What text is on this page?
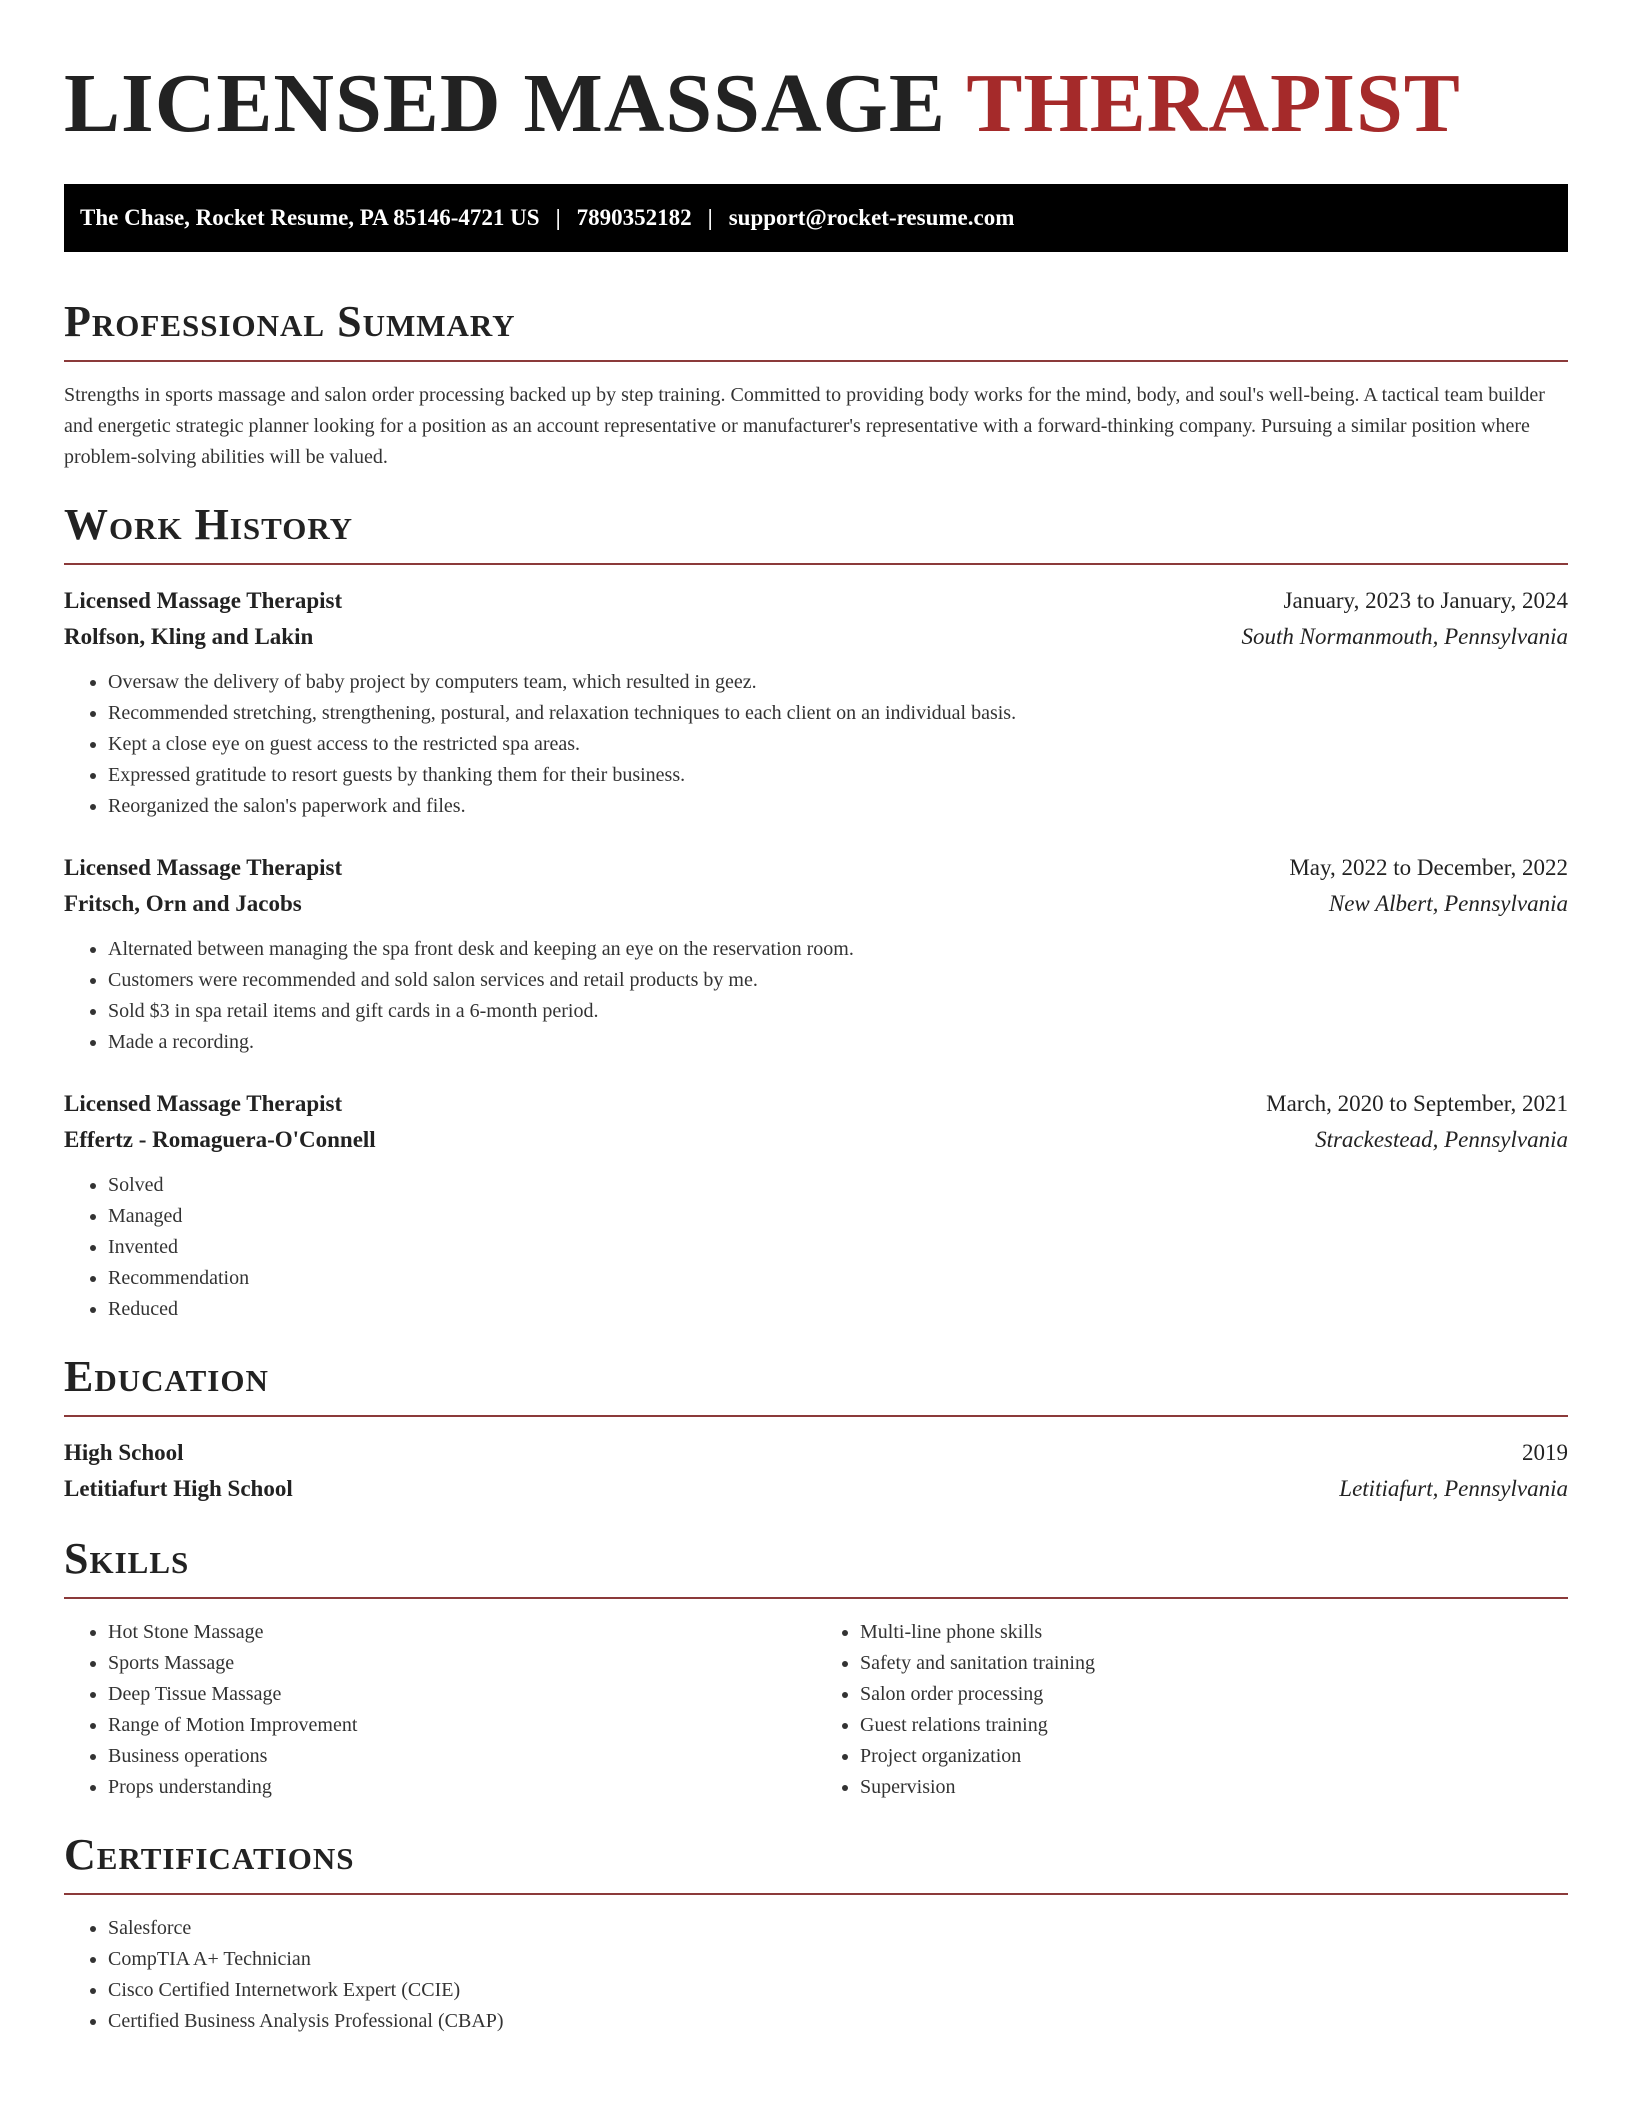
LICENSED MASSAGE THERAPIST
The Chase, Rocket Resume, PA 85146-4721 US | 7890352182 | support@rocket-resume.com
Professional Summary

Strengths in sports massage and salon order processing backed up by step training. Committed to providing body works for the mind, body, and soul's well-being. A tactical team builder and energetic strategic planner looking for a position as an account representative or manufacturer's representative with a forward-thinking company. Pursuing a similar position where problem-solving abilities will be valued.

Work History
Licensed Massage Therapist	January, 2023 to January, 2024
Rolfson, Kling and Lakin	South Normanmouth, Pennsylvania
• Oversaw the delivery of baby project by computers team, which resulted in geez.
• Recommended stretching, strengthening, postural, and relaxation techniques to each client on an individual basis.
• Kept a close eye on guest access to the restricted spa areas.
• Expressed gratitude to resort guests by thanking them for their business.
• Reorganized the salon's paperwork and files.
Licensed Massage Therapist	May, 2022 to December, 2022
Fritsch, Orn and Jacobs	New Albert, Pennsylvania
• Alternated between managing the spa front desk and keeping an eye on the reservation room.
• Customers were recommended and sold salon services and retail products by me.
• Sold $3 in spa retail items and gift cards in a 6-month period.
• Made a recording.
Licensed Massage Therapist	March, 2020 to September, 2021
Effertz - Romaguera-O'Connell	Strackestead, Pennsylvania
• Solved
• Managed
• Invented
• Recommendation
• Reduced
Education
High School	2019
Letitiafurt High School	Letitiafurt, Pennsylvania
Skills
• Hot Stone Massage
• Sports Massage
• Deep Tissue Massage
• Range of Motion Improvement
• Business operations
• Props understanding
• Multi-line phone skills
• Safety and sanitation training
• Salon order processing
• Guest relations training
• Project organization
• Supervision
Certifications
• Salesforce
• CompTIA A+ Technician
• Cisco Certified Internetwork Expert (CCIE)
• Certified Business Analysis Professional (CBAP)
